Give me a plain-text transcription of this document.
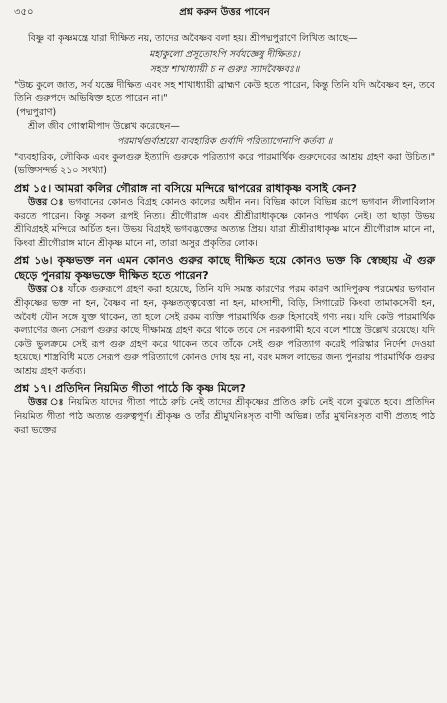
৩৫০	প্রশ্ন করুন উত্তর পাবেন

বিষ্ণু বা কৃষ্ণমন্ত্রে যারা দীক্ষিত নয়, তাদের অবৈষ্ণব বলা হয়। শ্রীপদ্মপুরাণে লিখিত আছে—

মহাকুলো প্রসূতোঽপি সর্বযজ্ঞেষু দীক্ষিতঃ।

সহস্র শাখাধ্যায়ী চ ন গুরুঃ স্যাদবৈষ্ণবঃ॥

"উচ্চ কুলে জাত, সর্ব যজ্ঞে দীক্ষিত এবং সহ শাখাধ্যায়ী ব্রাহ্মণ কেউ হতে পারেন, কিন্তু তিনি যদি অবৈষ্ণব হন, তবে তিনি গুরুপদে অভিষিক্ত হতে পারেন না।"

(পদ্মপুরাণ)

শ্রীল জীব গোস্বামীপাদ উল্লেখ করেছেন—

পরমার্থগুর্বাশ্রয়ো ব্যবহারিক গুর্বাদি পরিত্যাগেনাপি কর্তব্য ॥

"ব্যবহারিক, লৌকিক এবং কুলগুরু ইত্যাদি গুরুকে পরিত্যাগ করে পারমার্থিক গুরুদেবের আশ্রয় গ্রহণ করা উচিত।" (ভক্তিসন্দর্ভ ২১০ সংখ্যা)

প্রশ্ন ১৫। আমরা কলির গৌরাঙ্গ না বসিয়ে মন্দিরে দ্বাপরের রাধাকৃষ্ণ বসাই কেন?

উত্তর ঃ ভগবানের কোনও বিগ্রহ কোনও কালের অধীন নন। বিভিন্ন কালে বিভিন্ন রূপে ভগবান লীলাবিলাস করতে পারেন। কিন্তু সকল রূপই নিত্য। শ্রীগৌরাঙ্গ এবং শ্রীশ্রীরাধাকৃষ্ণে কোনও পার্থক্য নেই। তা ছাড়া উভয় শ্রীবিগ্রহই মন্দিরে অর্চিত হন। উভয় বিগ্রহই ভগবদ্ভক্তের অত্যন্ত প্রিয়। যারা শ্রীশ্রীরাধাকৃষ্ণ মানে শ্রীগৌরাঙ্গ মানে না, কিংবা শ্রীগৌরাঙ্গ মানে শ্রীকৃষ্ণ মানে না, তারা অসুর প্রকৃতির লোক।

প্রশ্ন ১৬। কৃষ্ণভক্ত নন এমন কোনও গুরুর কাছে দীক্ষিত হয়ে কোনও ভক্ত কি স্বেচ্ছায় ঐ গুরু ছেড়ে পুনরায় কৃষ্ণভক্তে দীক্ষিত হতে পারেন?

উত্তর ঃ যাঁকে গুরুরূপে গ্রহণ করা হয়েছে, তিনি যদি সমস্ত কারণের পরম কারণ আদিপুরুষ পরমেশ্বর ভগবান শ্রীকৃষ্ণের ভক্ত না হন, বৈষ্ণব না হন, কৃষ্ণতত্ত্ববেত্তা না হন, মাংসাশী, বিড়ি, সিগারেট কিংবা তামাকসেবী হন, অবৈধ যৌন সঙ্গে যুক্ত থাকেন, তা হলে সেই রকম ব্যক্তি পারমার্থিক গুরু হিসাবেই গণ্য নয়। যদি কেউ পারমার্থিক কল্যাণের জন্য সেরূপ গুরুর কাছে দীক্ষামন্ত্র গ্রহণ করে থাকে তবে সে নরকগামী হবে বলে শাস্ত্রে উল্লেখ রয়েছে। যদি কেউ ভুলক্রমে সেই রূপ গুরু গ্রহণ করে থাকেন তবে তাঁকে সেই গুরু পরিত্যাগ করেই পরিস্কার নির্দেশ দেওয়া হয়েছে। শাস্ত্রবিধি মতে সেরূপ গুরু পরিত্যাগে কোনও দোষ হয় না, বরং মঙ্গল লাভের জন্য পুনরায় পারমার্থিক গুরুর আশ্রয় গ্রহণ কর্তব্য।

প্রশ্ন ১৭। প্রতিদিন নিয়মিত গীতা পাঠে কি কৃষ্ণ মিলে?

উত্তর ঃ নিয়মিত যাদের গীতা পাঠে রুচি নেই তাদের শ্রীকৃষ্ণের প্রতিও রুচি নেই বলে বুঝতে হবে। প্রতিদিন নিয়মিত গীতা পাঠ অত্যন্ত গুরুত্বপূর্ণ। শ্রীকৃষ্ণ ও তাঁর শ্রীমুখনিঃসৃত বাণী অভিন্ন। তাঁর মুখনিঃসৃত বাণী প্রত্যহ পাঠ করা ভক্তের
